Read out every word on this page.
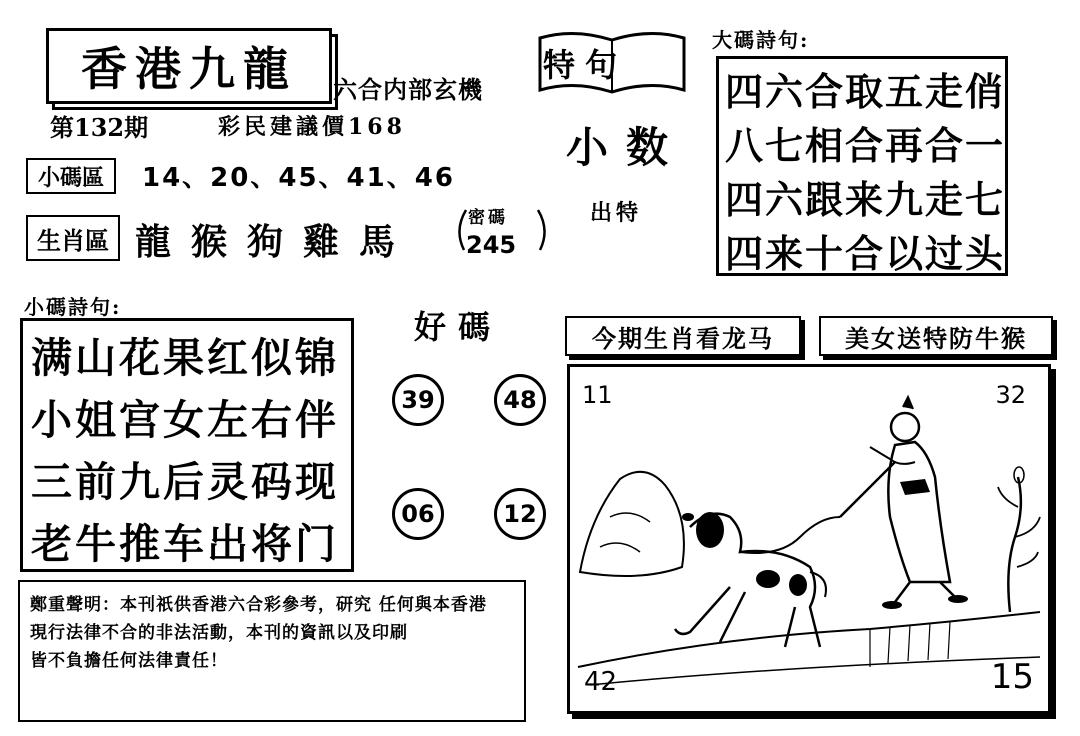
香港九龍	六合内部玄機
第132期	彩民建議價168
小碼區	14、20、45、41、46
生肖區 龍猴狗雞馬
密碼
245
特句
小数
出特
大碼詩句:
四六合取五走俏
八七相合再合一
四六跟来九走七
四来十合以过头
小碼詩句:
满山花果红似锦
小姐宫女左右伴
三前九后灵码现
老牛推车出将门
好碼
39	48
06	12
鄭重聲明：本刊祇供香港六合彩參考，研究 任何與本香港
現行法律不合的非法活動，本刊的資訊以及印刷
皆不負擔任何法律責任！
今期生肖看龙马	美女送特防牛猴
11	32
42	15
